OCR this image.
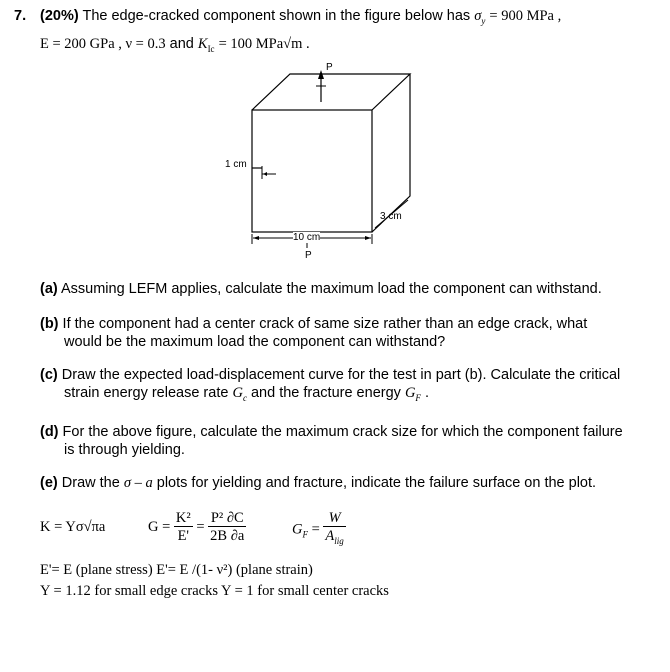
7. (20%) The edge-cracked component shown in the figure below has $\sigma_y = 900$ MPa ,
E = 200 GPa , ν = 0.3 and $K_{Ic} = 100$ MPa√m .
P
1 cm
3 cm
10 cm
P
(a) Assuming LEFM applies, calculate the maximum load the component can withstand.
(b) If the component had a center crack of same size rather than an edge crack, what
would be the maximum load the component can withstand?
(c) Draw the expected load-displacement curve for the test in part (b). Calculate the critical
strain energy release rate $G_c$ and the fracture energy $G_F$ .
(d) For the above figure, calculate the maximum crack size for which the component failure
is through yielding.
(e) Draw the σ – a plots for yielding and fracture, indicate the failure surface on the plot.
K = Yσ√πa	$G = \frac{\text{K²}}{E'} = \frac{\text{P² ∂C}}{2B \partial a}$	$G_F = \frac{W}{A_{lig}}$
E'= E (plane stress) E'= E /(1- ν²) (plane strain)
Y = 1.12 for small edge cracks Y = 1 for small center cracks
